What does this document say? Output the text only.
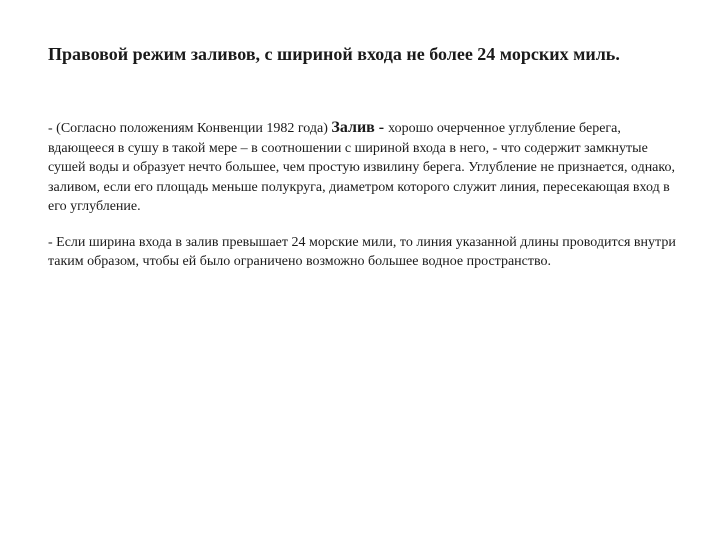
Правовой режим заливов, с шириной входа не более 24 морских миль.

- (Согласно положениям Конвенции 1982 года) Залив - хорошо очерченное углубление берега, вдающееся в сушу в такой мере – в соотношении с шириной входа в него, - что содержит замкнутые сушей воды и образует нечто большее, чем простую извилину берега. Углубление не признается, однако, заливом, если его площадь меньше полукруга, диаметром которого служит линия, пересекающая вход в его углубление.

- Если ширина входа в залив превышает 24 морские мили, то линия указанной длины проводится внутри таким образом, чтобы ей было ограничено возможно большее водное пространство.
